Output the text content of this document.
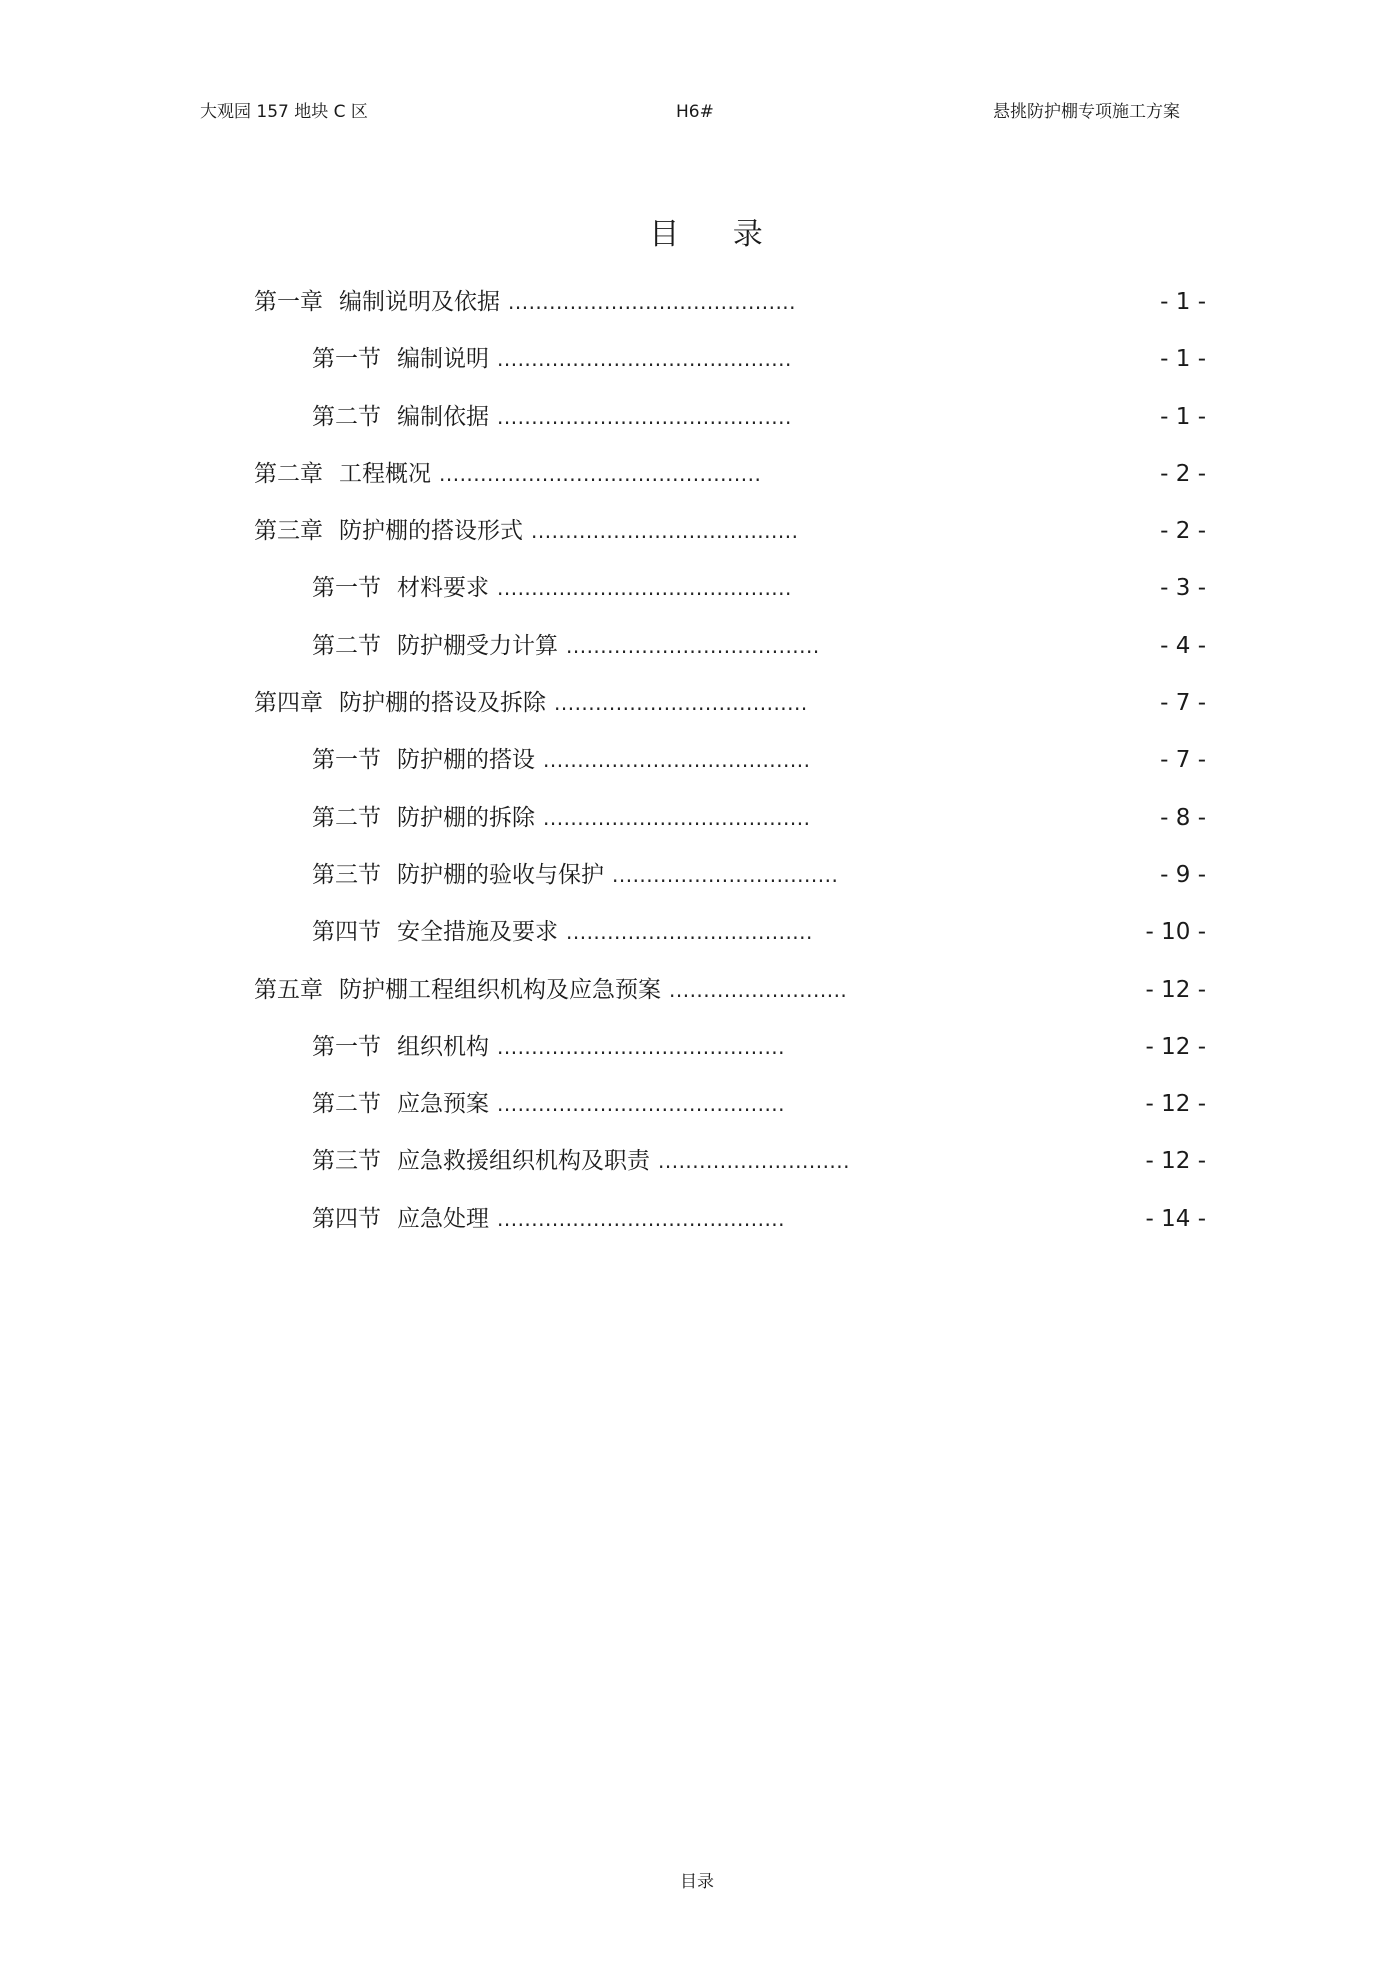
大观园 157 地块 C 区	H6#	悬挑防护棚专项施工方案
目 录
第一章 编制说明及依据 ..........................................	- 1 -
第一节 编制说明 ...........................................	- 1 -
第二节 编制依据 ...........................................	- 1 -
第二章 工程概况 ...............................................	- 2 -
第三章 防护棚的搭设形式 .......................................	- 2 -
第一节 材料要求 ...........................................	- 3 -
第二节 防护棚受力计算 .....................................	- 4 -
第四章 防护棚的搭设及拆除 .....................................	- 7 -
第一节 防护棚的搭设 .......................................	- 7 -
第二节 防护棚的拆除 .......................................	- 8 -
第三节 防护棚的验收与保护 .................................	- 9 -
第四节 安全措施及要求 ....................................	- 10 -
第五章 防护棚工程组织机构及应急预案 ..........................	- 12 -
第一节 组织机构 ..........................................	- 12 -
第二节 应急预案 ..........................................	- 12 -
第三节 应急救援组织机构及职责 ............................	- 12 -
第四节 应急处理 ..........................................	- 14 -
目录
